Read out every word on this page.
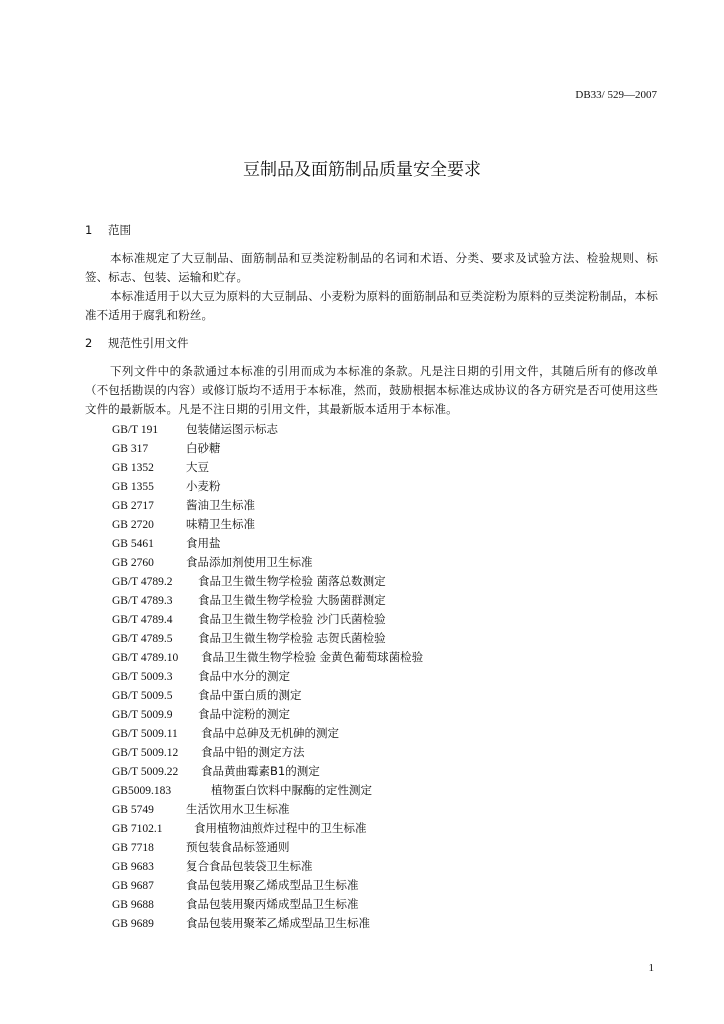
DB33/ 529—2007
豆制品及面筋制品质量安全要求
1 范围
本标准规定了大豆制品、面筋制品和豆类淀粉制品的名词和术语、分类、要求及试验方法、检验规则、标签、标志、包装、运输和贮存。
本标准适用于以大豆为原料的大豆制品、小麦粉为原料的面筋制品和豆类淀粉为原料的豆类淀粉制品，本标准不适用于腐乳和粉丝。
2 规范性引用文件
下列文件中的条款通过本标准的引用而成为本标准的条款。凡是注日期的引用文件，其随后所有的修改单（不包括勘误的内容）或修订版均不适用于本标准，然而，鼓励根据本标准达成协议的各方研究是否可使用这些文件的最新版本。凡是不注日期的引用文件，其最新版本适用于本标准。
GB/T 191 包装储运图示标志
GB 317	白砂糖
GB 1352	大豆
GB 1355	小麦粉
GB 2717	酱油卫生标准
GB 2720	味精卫生标准
GB 5461	食用盐
GB 2760	食品添加剂使用卫生标准
GB/T 4789.2 食品卫生微生物学检验 菌落总数测定
GB/T 4789.3 食品卫生微生物学检验 大肠菌群测定
GB/T 4789.4 食品卫生微生物学检验 沙门氏菌检验
GB/T 4789.5 食品卫生微生物学检验 志贺氏菌检验
GB/T 4789.10 食品卫生微生物学检验 金黄色葡萄球菌检验
GB/T 5009.3 食品中水分的测定
GB/T 5009.5 食品中蛋白质的测定
GB/T 5009.9 食品中淀粉的测定
GB/T 5009.11 食品中总砷及无机砷的测定
GB/T 5009.12 食品中铅的测定方法
GB/T 5009.22 食品黄曲霉素B1的测定
GB5009.183	植物蛋白饮料中脲酶的定性测定
GB 5749	生活饮用水卫生标准
GB 7102.1	食用植物油煎炸过程中的卫生标准
GB 7718	预包装食品标签通则
GB 9683	复合食品包装袋卫生标准
GB 9687	食品包装用聚乙烯成型品卫生标准
GB 9688	食品包装用聚丙烯成型品卫生标准
GB 9689	食品包装用聚苯乙烯成型品卫生标准
1
